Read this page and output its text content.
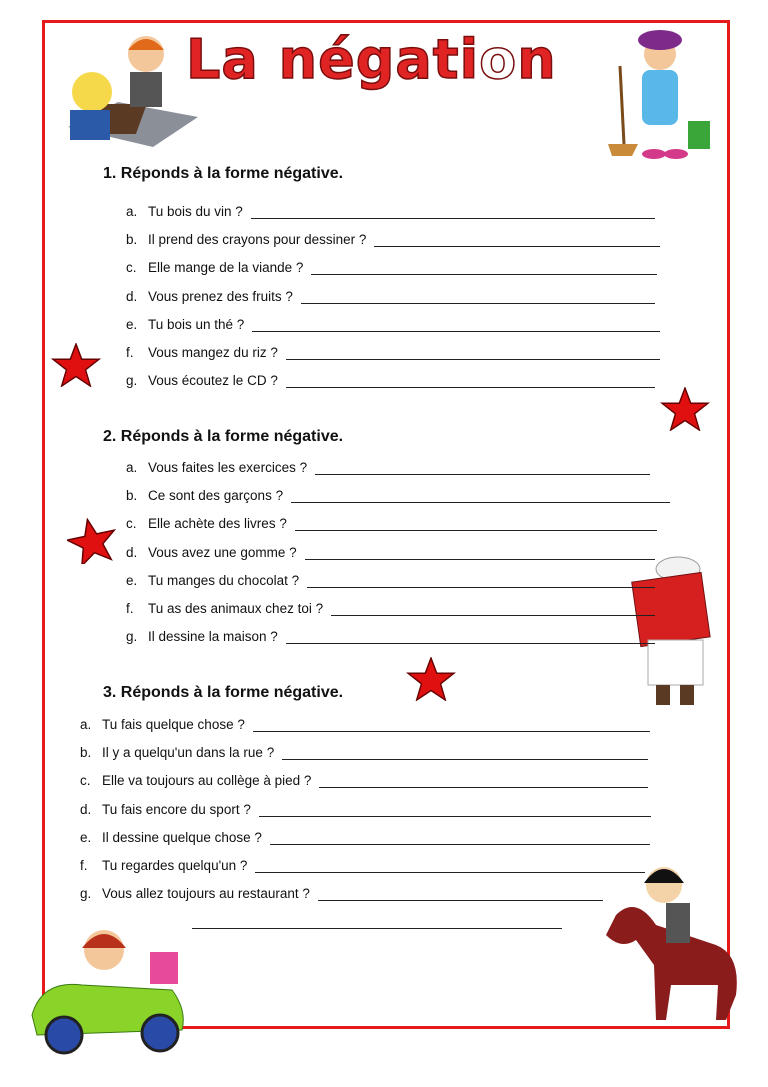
La négation
1. Réponds à la forme négative.
a. Tu bois du vin ?
b. Il prend des crayons pour dessiner ?
c. Elle mange de la viande ?
d. Vous prenez des fruits ?
e. Tu bois un thé ?
f.	Vous mangez du riz ?
g. Vous écoutez le CD ?
2. Réponds à la forme négative.
a. Vous faites les exercices ?
b. Ce sont des garçons ?
c. Elle achète des livres ?
d. Vous avez une gomme ?
e. Tu manges du chocolat ?
f.	Tu as des animaux chez toi ?
g. Il dessine la maison ?
3. Réponds à la forme négative.
a. Tu fais quelque chose ?
b. Il y a quelqu'un dans la rue ?
c. Elle va toujours au collège à pied ?
d. Tu fais encore du sport ?
e. Il dessine quelque chose ?
f.	Tu regardes quelqu'un ?
g. Vous allez toujours au restaurant ?
